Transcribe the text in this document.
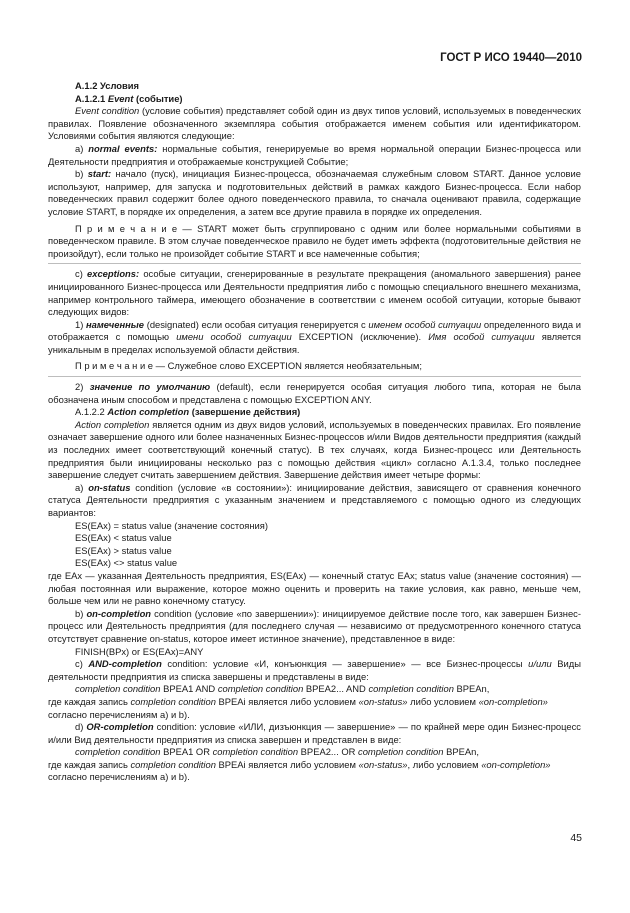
ГОСТ Р ИСО 19440—2010

А.1.2 Условия

А.1.2.1 Event (событие)

Event condition (условие события) представляет собой один из двух типов условий, используемых в поведенческих правилах. Появление обозначенного экземпляра события отображается именем события или идентификатором. Условиями события являются следующие:

a) normal events: нормальные события, генерируемые во время нормальной операции Бизнес-процесса или Деятельности предприятия и отображаемые конструкцией Событие;

b) start: начало (пуск), инициация Бизнес-процесса, обозначаемая служебным словом START. Данное условие используют, например, для запуска и подготовительных действий в рамках каждого Бизнес-процесса. Если набор поведенческих правил содержит более одного поведенческого правила, то сначала оценивают правила, содержащие условие START, в порядке их определения, а затем все другие правила в порядке их определения.

П р и м е ч а н и е — START может быть сгруппировано с одним или более нормальными событиями в поведенческом правиле. В этом случае поведенческое правило не будет иметь эффекта (подготовительные действия не произойдут), если только не произойдет событие START и все намеченные события;

c) exceptions: особые ситуации, сгенерированные в результате прекращения (аномального завершения) ранее инициированного Бизнес-процесса или Деятельности предприятия либо с помощью специального внешнего механизма, например контрольного таймера, имеющего обозначение в соответствии с именем особой ситуации, которые бывают следующих видов:

1) намеченные (designated) если особая ситуация генерируется с именем особой ситуации определенного вида и отображается с помощью имени особой ситуации EXCEPTION (исключение). Имя особой ситуации является уникальным в пределах используемой области действия.

П р и м е ч а н и е — Служебное слово EXCEPTION является необязательным;

2) значение по умолчанию (default), если генерируется особая ситуация любого типа, которая не была обозначена иным способом и представлена с помощью EXCEPTION ANY.

А.1.2.2 Action completion (завершение действия)

Action completion является одним из двух видов условий, используемых в поведенческих правилах. Его появление означает завершение одного или более назначенных Бизнес-процессов и/или Видов деятельности предприятия (каждый из последних имеет соответствующий конечный статус). В тех случаях, когда Бизнес-процесс или Деятельность предприятия были инициированы несколько раз с помощью действия «цикл» согласно А.1.3.4, только последнее завершение следует считать завершением действия. Завершение действия имеет четыре формы:

a) on-status condition (условие «в состоянии»): инициирование действия, зависящего от сравнения конечного статуса Деятельности предприятия с указанным значением и представляемого с помощью одного из следующих вариантов:

ES(EAx) = status value (значение состояния)

ES(EAx) < status value

ES(EAx) > status value

ES(EAx) <> status value

где EAx — указанная Деятельность предприятия, ES(EAx) — конечный статус EAx; status value (значение состояния) — любая постоянная или выражение, которое можно оценить и проверить на такие условия, как равно, меньше чем, больше чем или не равно конечному статусу.

b) on-completion condition (условие «по завершении»): инициируемое действие после того, как завершен Бизнес-процесс или Деятельность предприятия (для последнего случая — независимо от предусмотренного конечного статуса отсутствует сравнение on-status, которое имеет истинное значение), представленное в виде:

FINISH(BPx) or ES(EAx)=ANY

c) AND-completion condition: условие «И, конъюнкция — завершение» — все Бизнес-процессы и/или Виды деятельности предприятия из списка завершены и представлены в виде:

completion condition BPEA1 AND completion condition BPEA2... AND completion condition BPEAn,

где каждая запись completion condition BPEAi является либо условием «on-status» либо условием «on-completion»

согласно перечислениям a) и b).

d) OR-completion condition: условие «ИЛИ, дизъюнкция — завершение» — по крайней мере один Бизнес-процесс и/или Вид деятельности предприятия из списка завершен и представлен в виде:

completion condition BPEA1 OR completion condition BPEA2... OR completion condition BPEAn,

где каждая запись completion condition BPEAi является либо условием «on-status», либо условием «on-completion»

согласно перечислениям a) и b).

45
